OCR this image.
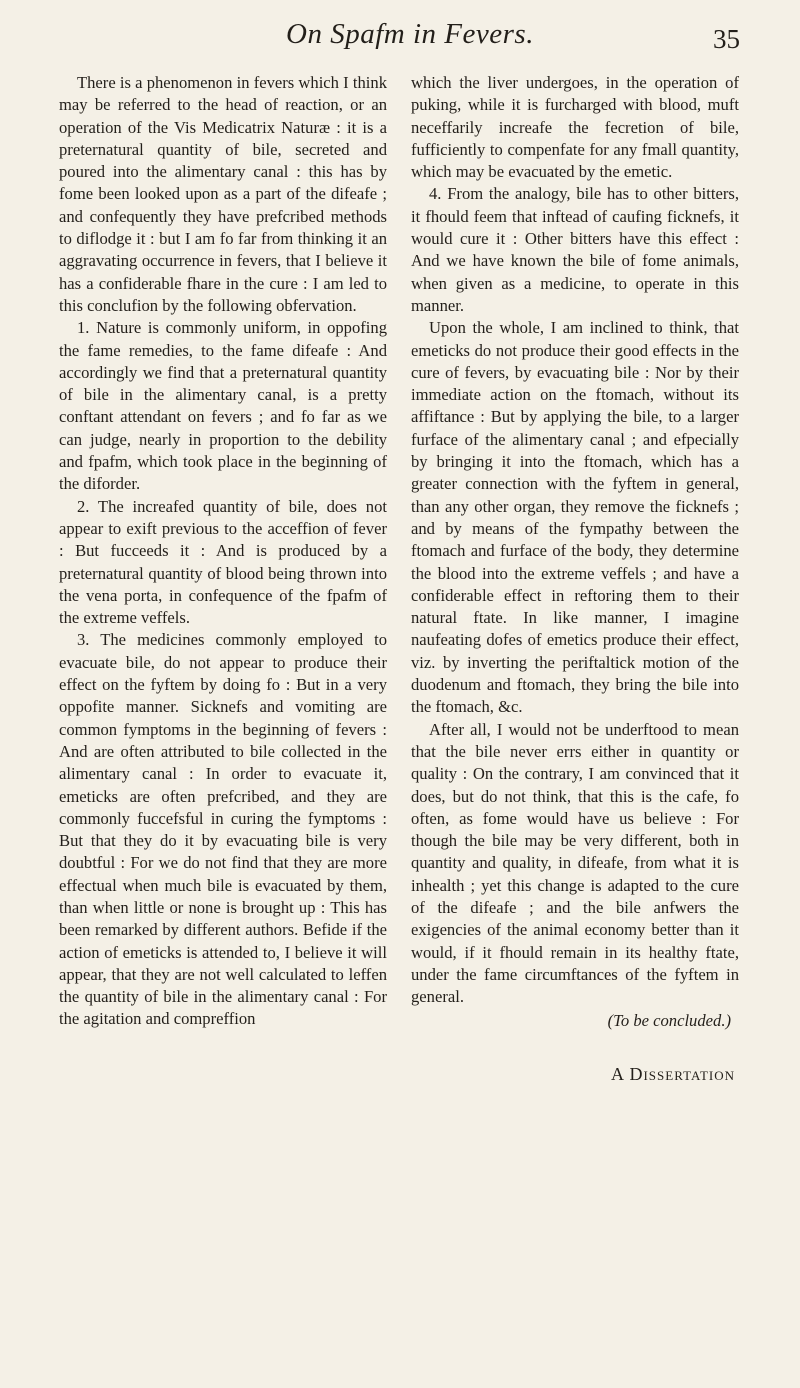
On Spafm in Fevers.	35

There is a phenomenon in fevers which I think may be referred to the head of reaction, or an operation of the Vis Medicatrix Naturæ : it is a preternatural quantity of bile, secreted and poured into the alimentary canal : this has by fome been looked upon as a part of the difeafe ; and confequently they have prefcribed methods to diflodge it : but I am fo far from thinking it an aggravating occurrence in fevers, that I believe it has a confiderable fhare in the cure : I am led to this conclufion by the following obfervation.

1. Nature is commonly uniform, in oppofing the fame remedies, to the fame difeafe : And accordingly we find that a preternatural quantity of bile in the alimentary canal, is a pretty conftant attendant on fevers ; and fo far as we can judge, nearly in proportion to the debility and fpafm, which took place in the beginning of the diforder.

2. The increafed quantity of bile, does not appear to exift previous to the acceffion of fever : But fucceeds it : And is produced by a preternatural quantity of blood being thrown into the vena porta, in confequence of the fpafm of the extreme veffels.

3. The medicines commonly employed to evacuate bile, do not appear to produce their effect on the fyftem by doing fo : But in a very oppofite manner. Sicknefs and vomiting are common fymptoms in the beginning of fevers : And are often attributed to bile collected in the alimentary canal : In order to evacuate it, emeticks are often prefcribed, and they are commonly fuccefsful in curing the fymptoms : But that they do it by evacuating bile is very doubtful : For we do not find that they are more effectual when much bile is evacuated by them, than when little or none is brought up : This has been remarked by different authors. Befide if the action of emeticks is attended to, I believe it will appear, that they are not well calculated to leffen the quantity of bile in the alimentary canal : For the agitation and compreffion

which the liver undergoes, in the operation of puking, while it is furcharged with blood, muft neceffarily increafe the fecretion of bile, fufficiently to compenfate for any fmall quantity, which may be evacuated by the emetic.

4. From the analogy, bile has to other bitters, it fhould feem that inftead of caufing ficknefs, it would cure it : Other bitters have this effect : And we have known the bile of fome animals, when given as a medicine, to operate in this manner.

Upon the whole, I am inclined to think, that emeticks do not produce their good effects in the cure of fevers, by evacuating bile : Nor by their immediate action on the ftomach, without its affiftance : But by applying the bile, to a larger furface of the alimentary canal ; and efpecially by bringing it into the ftomach, which has a greater connection with the fyftem in general, than any other organ, they remove the ficknefs ; and by means of the fympathy between the ftomach and furface of the body, they determine the blood into the extreme veffels ; and have a confiderable effect in reftoring them to their natural ftate. In like manner, I imagine naufeating dofes of emetics produce their effect, viz. by inverting the periftaltick motion of the duodenum and ftomach, they bring the bile into the ftomach, &c.

After all, I would not be underftood to mean that the bile never errs either in quantity or quality : On the contrary, I am convinced that it does, but do not think, that this is the cafe, fo often, as fome would have us believe : For though the bile may be very different, both in quantity and quality, in difeafe, from what it is inhealth ; yet this change is adapted to the cure of the difeafe ; and the bile anfwers the exigencies of the animal economy better than it would, if it fhould remain in its healthy ftate, under the fame circumftances of the fyftem in general.

(To be concluded.)
A Dissertation
